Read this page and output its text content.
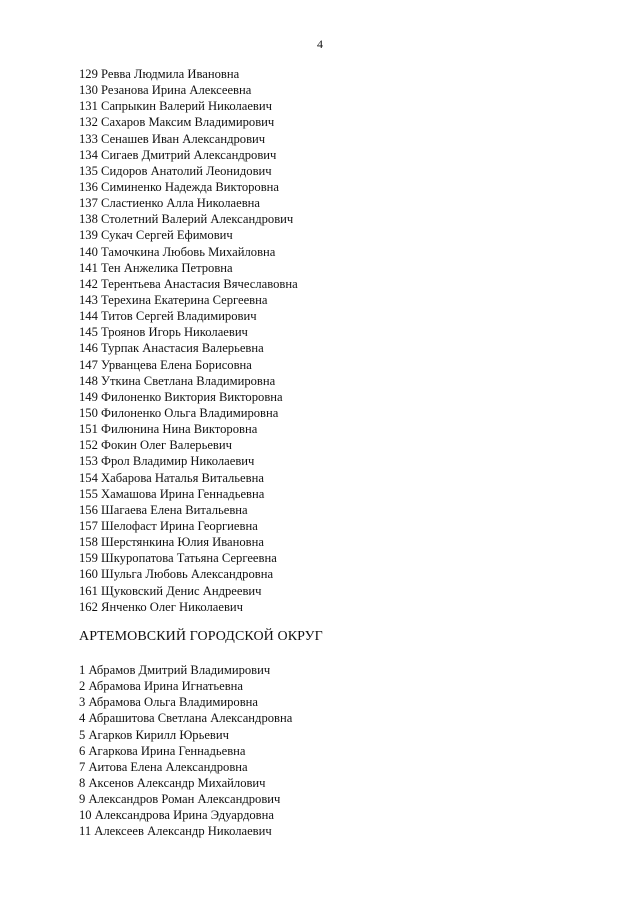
4
129 Ревва Людмила Ивановна
130 Резанова Ирина Алексеевна
131 Сапрыкин Валерий Николаевич
132 Сахаров Максим Владимирович
133 Сенашев Иван Александрович
134 Сигаев Дмитрий Александрович
135 Сидоров Анатолий Леонидович
136 Симиненко Надежда Викторовна
137 Сластиенко Алла Николаевна
138 Столетний Валерий Александрович
139 Сукач Сергей Ефимович
140 Тамочкина Любовь Михайловна
141 Тен Анжелика Петровна
142 Терентьева Анастасия Вячеславовна
143 Терехина Екатерина Сергеевна
144 Титов Сергей Владимирович
145 Троянов Игорь Николаевич
146 Турпак Анастасия Валерьевна
147 Урванцева Елена Борисовна
148 Уткина Светлана Владимировна
149 Филоненко Виктория Викторовна
150 Филоненко Ольга Владимировна
151 Филюнина Нина Викторовна
152 Фокин Олег Валерьевич
153 Фрол Владимир Николаевич
154 Хабарова Наталья Витальевна
155 Хамашова Ирина Геннадьевна
156 Шагаева Елена Витальевна
157 Шелофаст Ирина Георгиевна
158 Шерстянкина Юлия Ивановна
159 Шкуропатова Татьяна Сергеевна
160 Шульга Любовь Александровна
161 Щуковский Денис Андреевич
162 Янченко Олег Николаевич
АРТЕМОВСКИЙ ГОРОДСКОЙ ОКРУГ
1 Абрамов Дмитрий Владимирович
2 Абрамова Ирина Игнатьевна
3 Абрамова Ольга Владимировна
4 Абрашитова Светлана Александровна
5 Агарков Кирилл Юрьевич
6 Агаркова Ирина Геннадьевна
7 Аитова Елена Александровна
8 Аксенов Александр Михайлович
9 Александров Роман Александрович
10 Александрова Ирина Эдуардовна
11 Алексеев Александр Николаевич
